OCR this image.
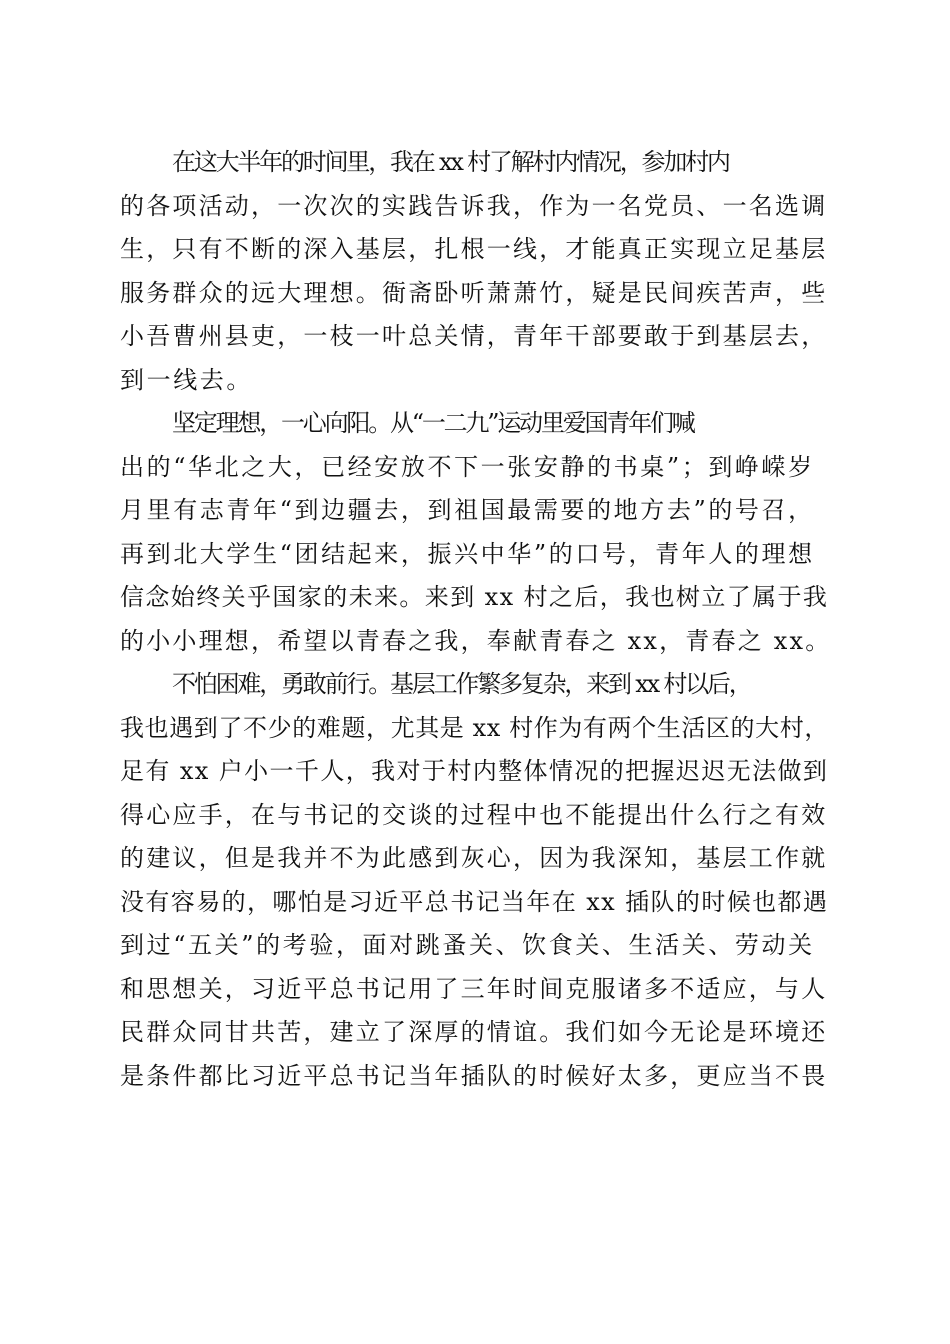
在这大半年的时间里，我在 xx 村了解村内情况，参加村内
的各项活动，一次次的实践告诉我，作为一名党员、一名选调
生，只有不断的深入基层，扎根一线，才能真正实现立足基层
服务群众的远大理想。衙斋卧听萧萧竹，疑是民间疾苦声，些
小吾曹州县吏，一枝一叶总关情，青年干部要敢于到基层去，
到一线去。
坚定理想，一心向阳。从“一二九”运动里爱国青年们喊
出的“华北之大，已经安放不下一张安静的书桌”；到峥嵘岁
月里有志青年“到边疆去，到祖国最需要的地方去”的号召，
再到北大学生“团结起来，振兴中华”的口号，青年人的理想
信念始终关乎国家的未来。来到 xx 村之后，我也树立了属于我
的小小理想，希望以青春之我，奉献青春之 xx，青春之 xx。
不怕困难，勇敢前行。基层工作繁多复杂，来到 xx 村以后，
我也遇到了不少的难题，尤其是 xx 村作为有两个生活区的大村，
足有 xx 户小一千人，我对于村内整体情况的把握迟迟无法做到
得心应手，在与书记的交谈的过程中也不能提出什么行之有效
的建议，但是我并不为此感到灰心，因为我深知，基层工作就
没有容易的，哪怕是习近平总书记当年在 xx 插队的时候也都遇
到过“五关”的考验，面对跳蚤关、饮食关、生活关、劳动关
和思想关，习近平总书记用了三年时间克服诸多不适应，与人
民群众同甘共苦，建立了深厚的情谊。我们如今无论是环境还
是条件都比习近平总书记当年插队的时候好太多，更应当不畏
